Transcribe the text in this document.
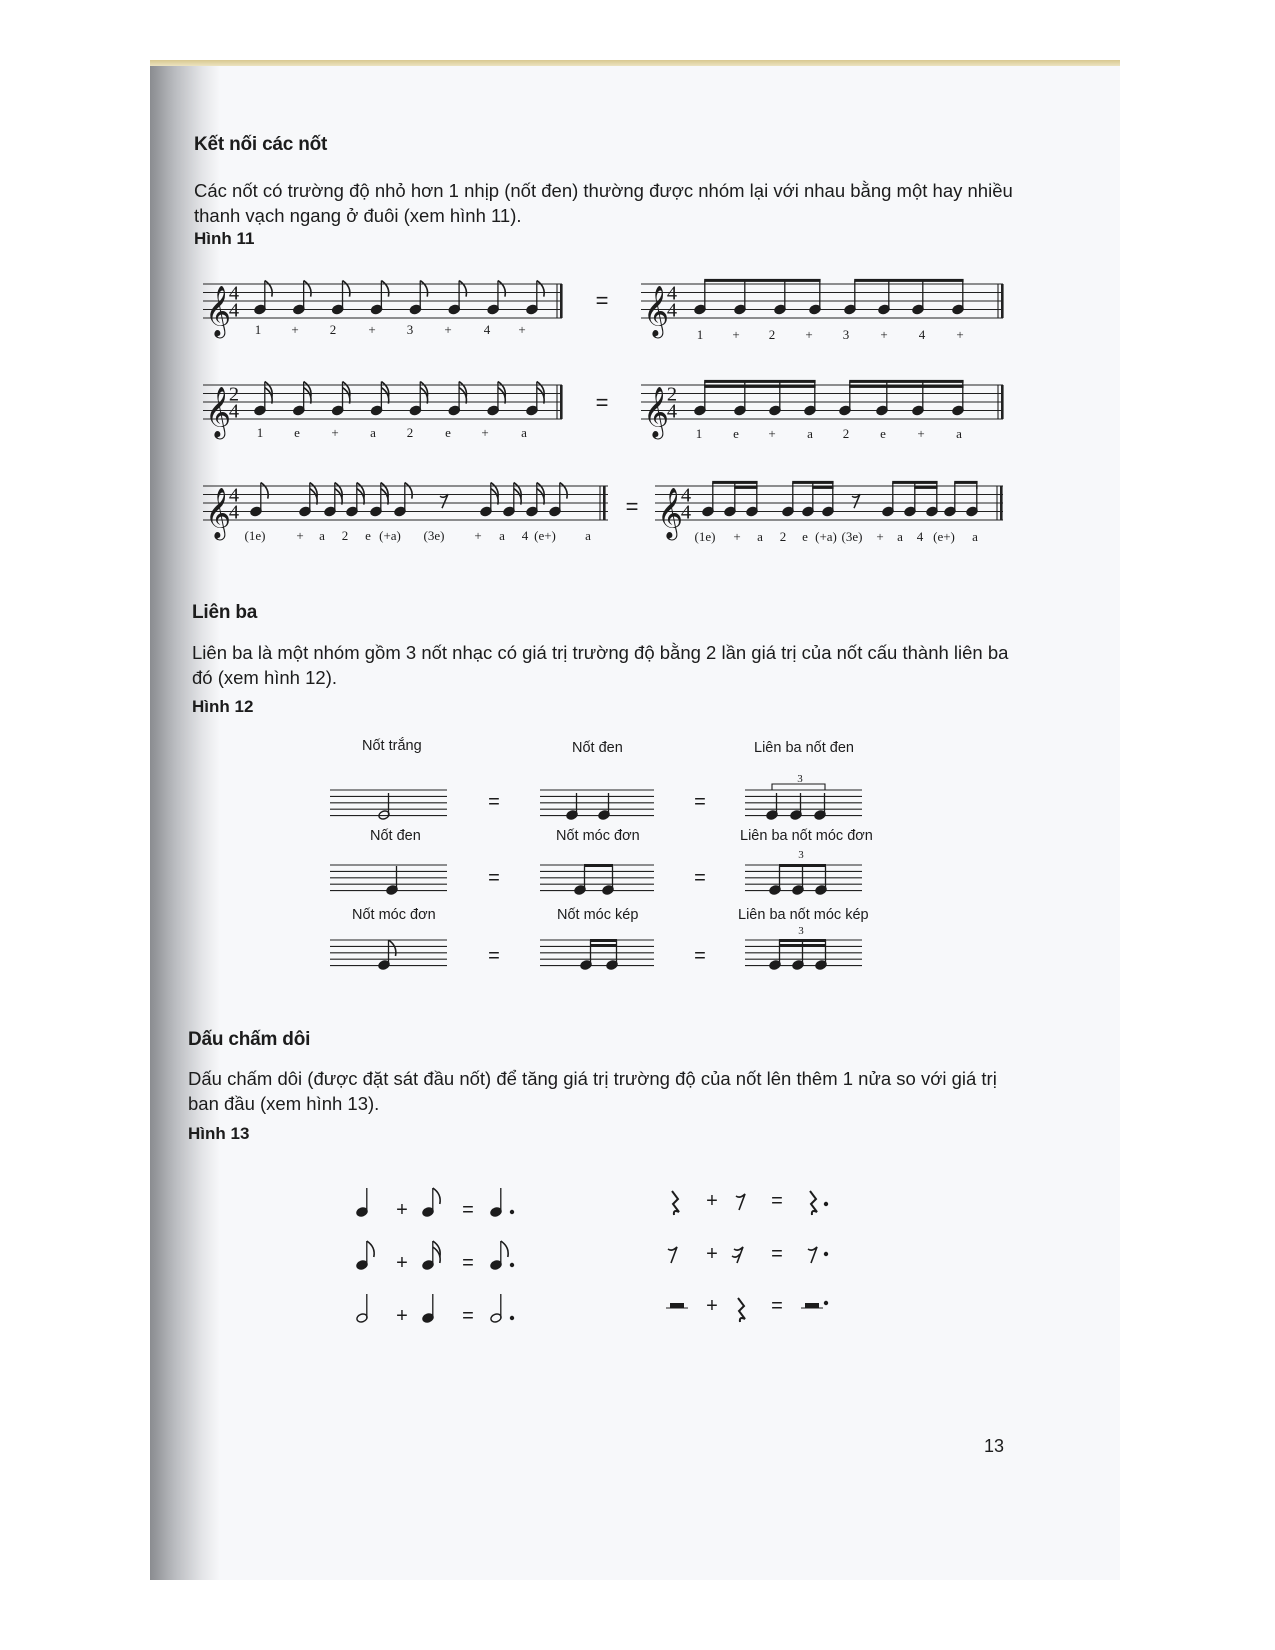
Kết nối các nốt
Các nốt có trường độ nhỏ hơn 1 nhịp (nốt đen) thường được nhóm lại với nhau bằng một hay nhiều thanh vạch ngang ở đuôi (xem hình 11).
Hình 11
𝄞
4
4
1 + 2 + 3 + 4 +
= 𝄞
4
4
1 + 2 + 3 + 4 +
𝄞
2
4
1 e + a 2 e + a
= 𝄞
2
4
1 e + a 2 e + a
𝄞
4
4
(1e) + a 2 e (+a) (3e) + a 4 (e+) a
= 𝄞
4
4
(1e) + a 2 e (+a) (3e) + a 4 (e+) a
Liên ba
Liên ba là một nhóm gồm 3 nốt nhạc có giá trị trường độ bằng 2 lần giá trị của nốt cấu thành liên ba đó (xem hình 12).
Hình 12
Nốt trắng	Nốt đen	Liên ba nốt đen
Nốt đen	Nốt móc đơn	Liên ba nốt móc đơn
Nốt móc đơn	Nốt móc kép	Liên ba nốt móc kép
3
=	=
3
=	=
3
=	=
Dấu chấm dôi
Dấu chấm dôi (được đặt sát đầu nốt) để tăng giá trị trường độ của nốt lên thêm 1 nửa so với giá trị ban đầu (xem hình 13).
Hình 13
+	=
+	=
+	=
+	=
+	=
+	=
13
